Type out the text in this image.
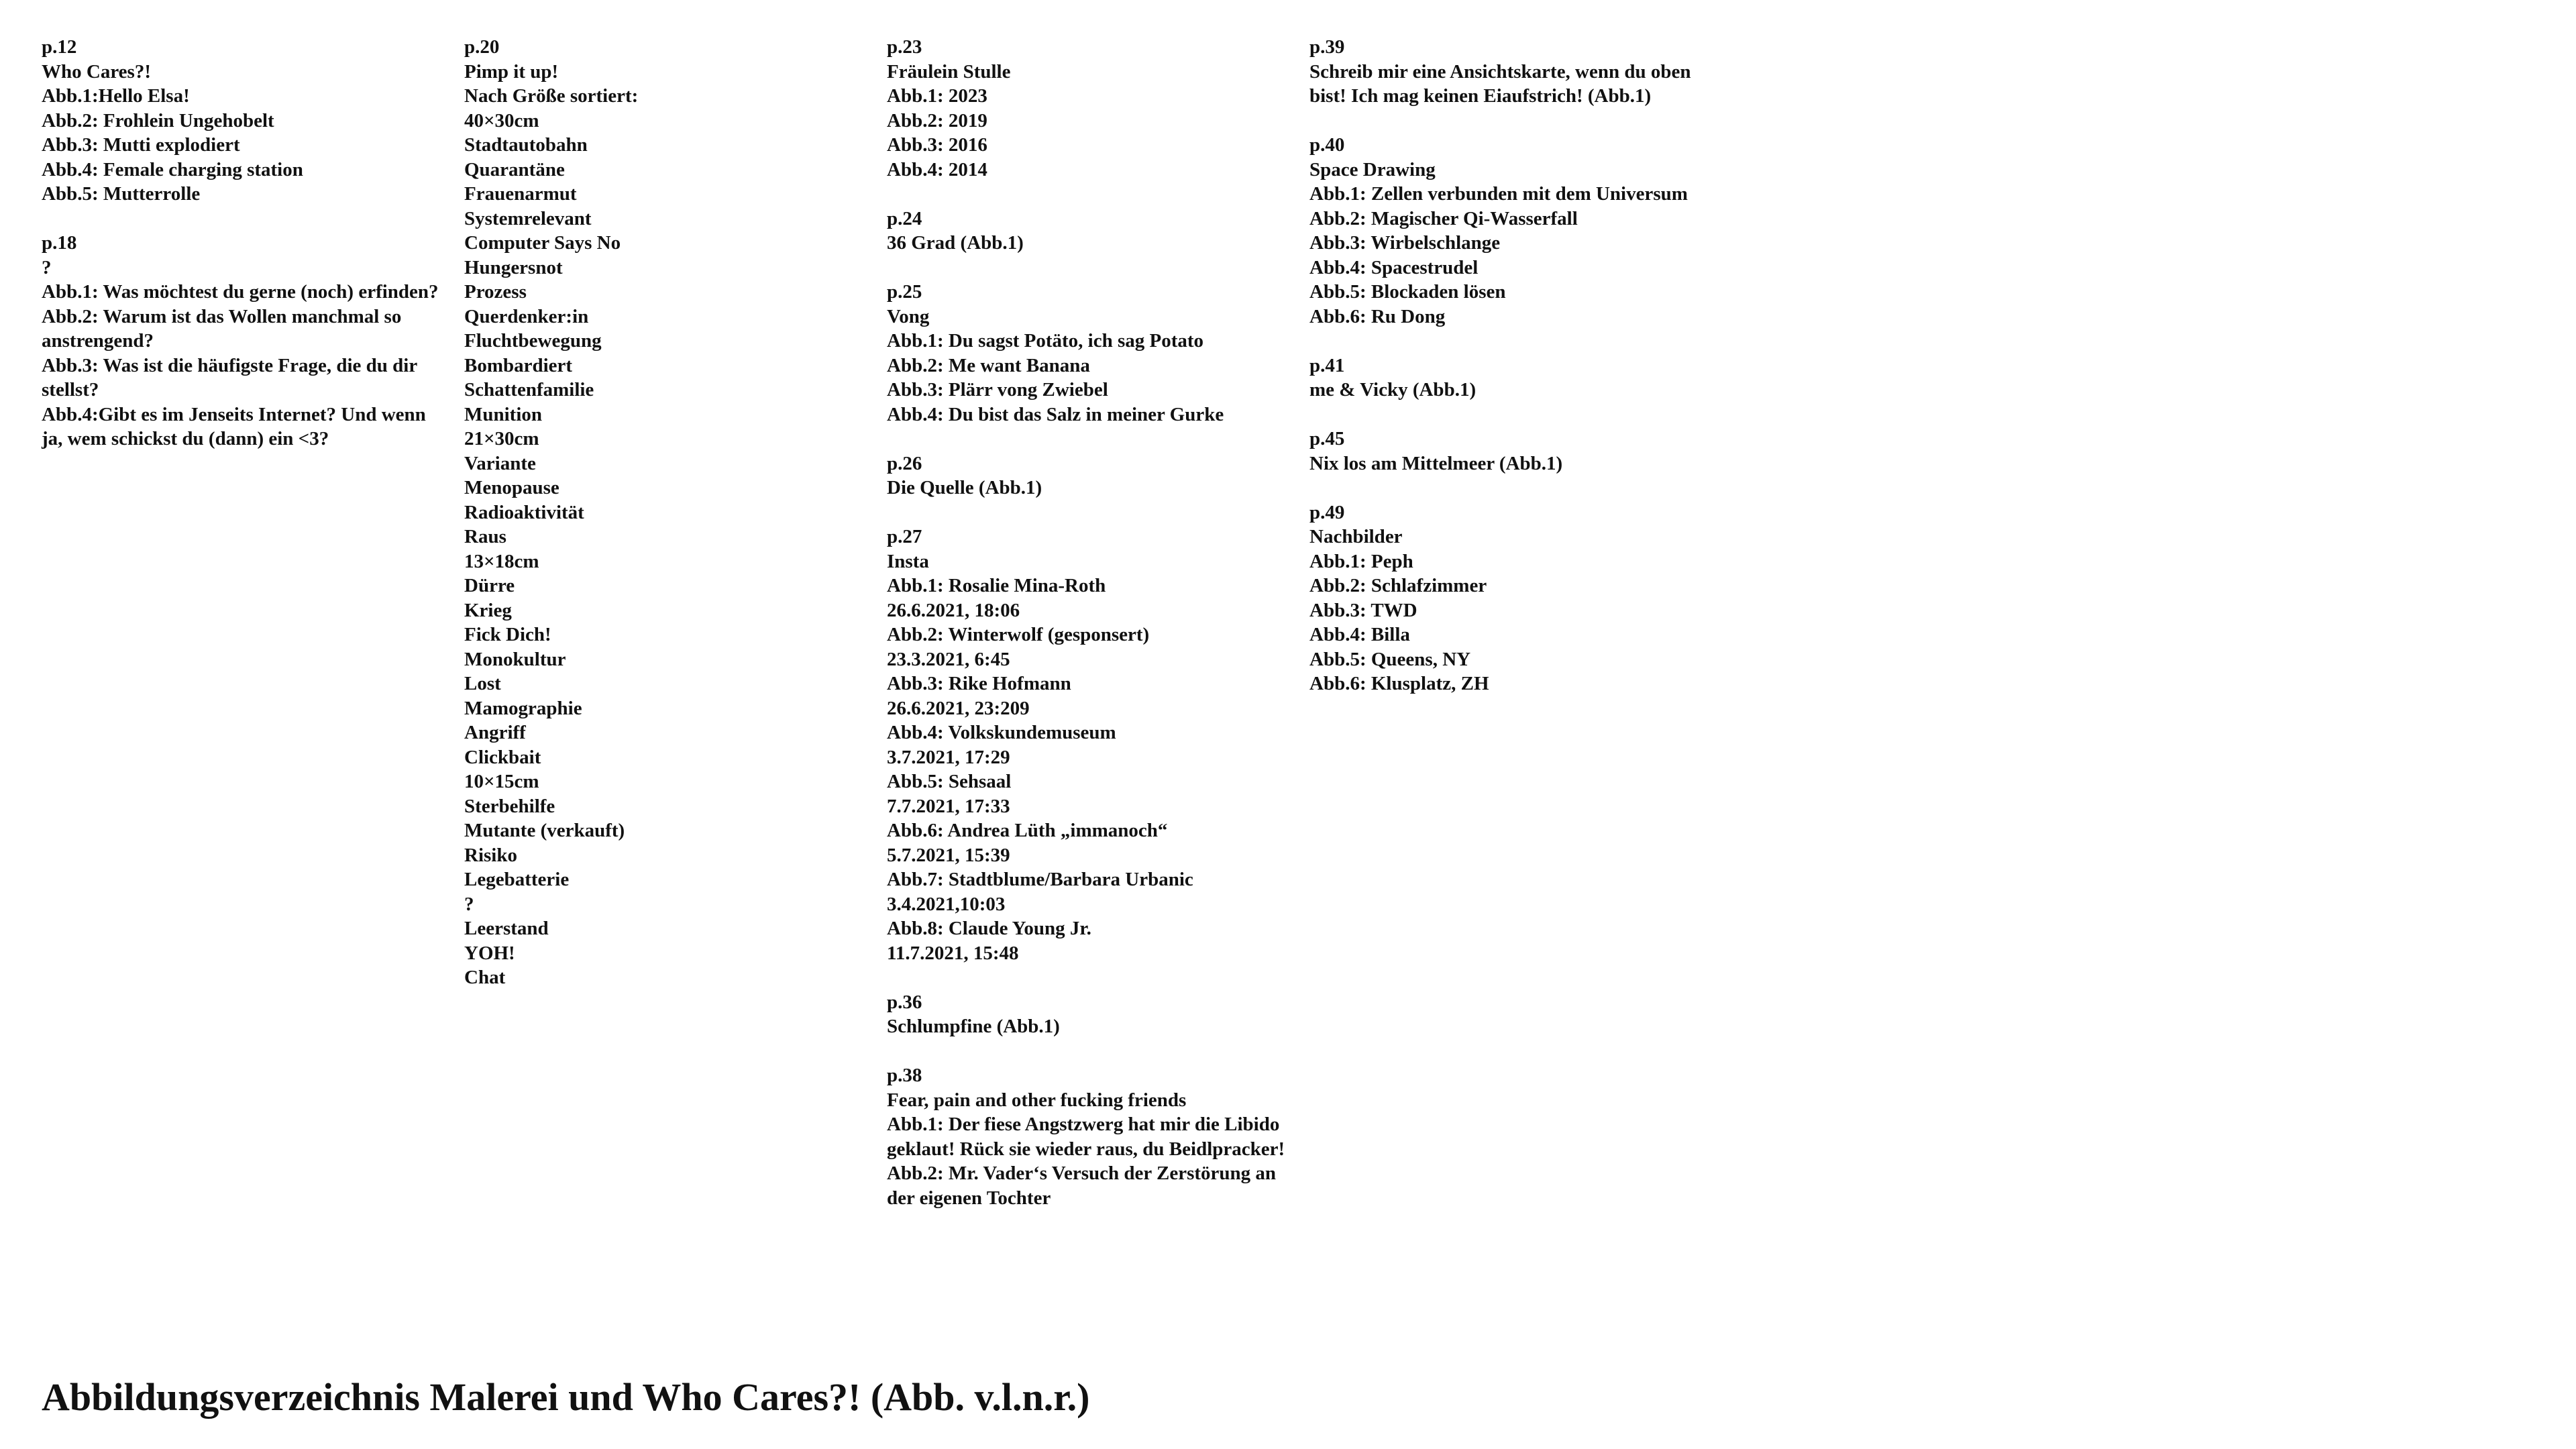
p.12
Who Cares?!
Abb.1:Hello Elsa!
Abb.2: Frohlein Ungehobelt
Abb.3: Mutti explodiert
Abb.4: Female charging station
Abb.5: Mutterrolle
p.18
?
Abb.1: Was möchtest du gerne (noch) erfinden?
Abb.2: Warum ist das Wollen manchmal so anstrengend?
Abb.3: Was ist die häufigste Frage, die du dir stellst?
Abb.4:Gibt es im Jenseits Internet? Und wenn ja, wem schickst du (dann) ein <3?
p.20
Pimp it up!
Nach Größe sortiert:
40×30cm
Stadtautobahn
Quarantäne
Frauenarmut
Systemrelevant
Computer Says No
Hungersnot
Prozess
Querdenker:in
Fluchtbewegung
Bombardiert
Schattenfamilie
Munition
21×30cm
Variante
Menopause
Radioaktivität
Raus
13×18cm
Dürre
Krieg
Fick Dich!
Monokultur
Lost
Mamographie
Angriff
Clickbait
10×15cm
Sterbehilfe
Mutante (verkauft)
Risiko
Legebatterie
?
Leerstand
YOH!
Chat
p.23
Fräulein Stulle
Abb.1: 2023
Abb.2: 2019
Abb.3: 2016
Abb.4: 2014
p.24
36 Grad (Abb.1)
p.25
Vong
Abb.1: Du sagst Potäto, ich sag Potato
Abb.2: Me want Banana
Abb.3: Plärr vong Zwiebel
Abb.4: Du bist das Salz in meiner Gurke
p.26
Die Quelle (Abb.1)
p.27
Insta
Abb.1: Rosalie Mina-Roth
26.6.2021, 18:06
Abb.2: Winterwolf (gesponsert)
23.3.2021, 6:45
Abb.3: Rike Hofmann
26.6.2021, 23:209
Abb.4: Volkskundemuseum
3.7.2021, 17:29
Abb.5: Sehsaal
7.7.2021, 17:33
Abb.6: Andrea Lüth „immanoch“
5.7.2021, 15:39
Abb.7: Stadtblume/Barbara Urbanic
3.4.2021,10:03
Abb.8: Claude Young Jr.
11.7.2021, 15:48
p.36
Schlumpfine (Abb.1)
p.38
Fear, pain and other fucking friends
Abb.1: Der fiese Angstzwerg hat mir die Libido geklaut! Rück sie wieder raus, du Beidlpracker!
Abb.2: Mr. Vader‘s Versuch der Zerstörung an der eigenen Tochter
p.39
Schreib mir eine Ansichtskarte, wenn du oben bist! Ich mag keinen Eiaufstrich! (Abb.1)
p.40
Space Drawing
Abb.1: Zellen verbunden mit dem Universum
Abb.2: Magischer Qi-Wasserfall
Abb.3: Wirbelschlange
Abb.4: Spacestrudel
Abb.5: Blockaden lösen
Abb.6: Ru Dong
p.41
me & Vicky (Abb.1)
p.45
Nix los am Mittelmeer (Abb.1)
p.49
Nachbilder
Abb.1: Peph
Abb.2: Schlafzimmer
Abb.3: TWD
Abb.4: Billa
Abb.5: Queens, NY
Abb.6: Klusplatz, ZH
Abbildungsverzeichnis Malerei und Who Cares?! (Abb. v.l.n.r.)
